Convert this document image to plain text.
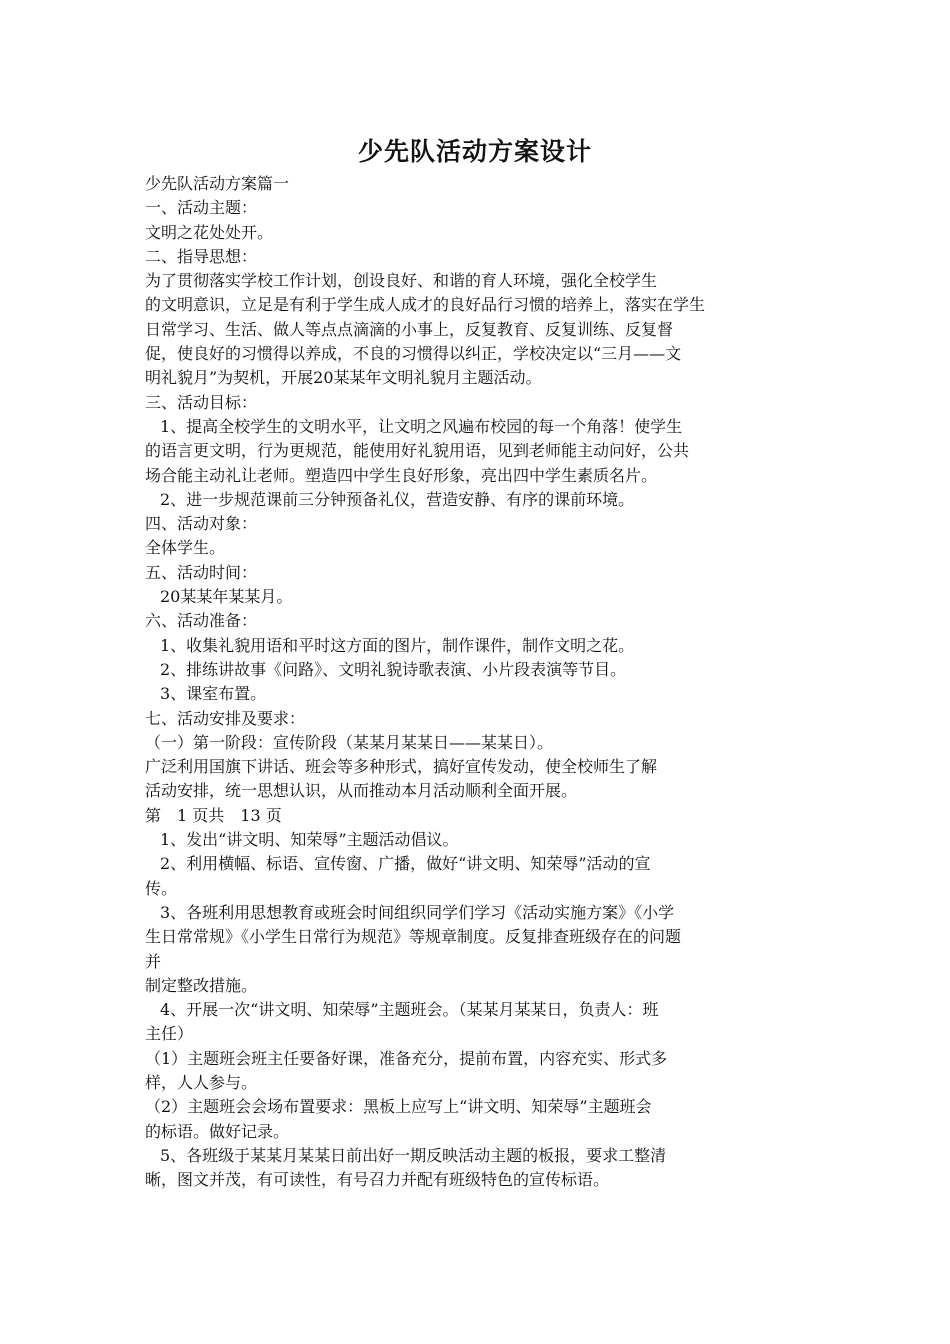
少先队活动方案设计
少先队活动方案篇一
一、活动主题：
文明之花处处开。
二、指导思想：
为了贯彻落实学校工作计划，创设良好、和谐的育人环境，强化全校学生
的文明意识，立足是有利于学生成人成才的良好品行习惯的培养上，落实在学生
日常学习、生活、做人等点点滴滴的小事上，反复教育、反复训练、反复督
促，使良好的习惯得以养成，不良的习惯得以纠正，学校决定以“三月——文
明礼貌月”为契机，开展20某某年文明礼貌月主题活动。
三、活动目标：
1、提高全校学生的文明水平，让文明之风遍布校园的每一个角落！使学生
的语言更文明，行为更规范，能使用好礼貌用语，见到老师能主动问好，公共
场合能主动礼让老师。塑造四中学生良好形象，亮出四中学生素质名片。
2、进一步规范课前三分钟预备礼仪，营造安静、有序的课前环境。
四、活动对象：
全体学生。
五、活动时间：
20某某年某某月。
六、活动准备：
1、收集礼貌用语和平时这方面的图片，制作课件，制作文明之花。
2、排练讲故事《问路》、文明礼貌诗歌表演、小片段表演等节目。
3、课室布置。
七、活动安排及要求：
（一）第一阶段：宣传阶段（某某月某某日——某某日）。
广泛利用国旗下讲话、班会等多种形式，搞好宣传发动，使全校师生了解
活动安排，统一思想认识，从而推动本月活动顺利全面开展。
第　1 页共　13 页
1、发出“讲文明、知荣辱”主题活动倡议。
2、利用横幅、标语、宣传窗、广播，做好“讲文明、知荣辱”活动的宣
传。
3、各班利用思想教育或班会时间组织同学们学习《活动实施方案》《小学
生日常常规》《小学生日常行为规范》等规章制度。反复排查班级存在的问题
并
制定整改措施。
4、开展一次“讲文明、知荣辱”主题班会。（某某月某某日，负责人：班
主任）
（1）主题班会班主任要备好课，准备充分，提前布置，内容充实、形式多
样，人人参与。
（2）主题班会会场布置要求：黑板上应写上“讲文明、知荣辱”主题班会
的标语。做好记录。
5、各班级于某某月某某日前出好一期反映活动主题的板报，要求工整清
晰，图文并茂，有可读性，有号召力并配有班级特色的宣传标语。
